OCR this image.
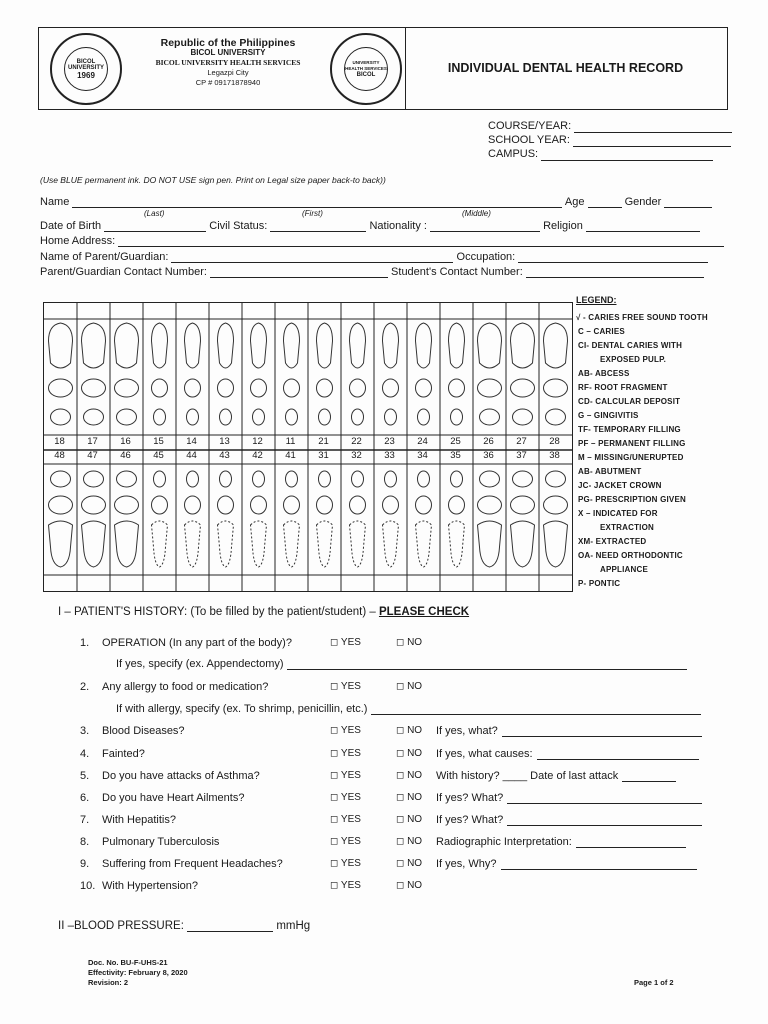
BICOL UNIVERSITY
1969
Republic of the Philippines
BICOL UNIVERSITY
BICOL UNIVERSITY HEALTH SERVICES
Legazpi City
CP # 09171878940
UNIVERSITY HEALTH SERVICES
BICOL	INDIVIDUAL DENTAL HEALTH RECORD
COURSE/YEAR:
SCHOOL YEAR:
CAMPUS:
(Use BLUE permanent ink. DO NOT USE sign pen. Print on Legal size paper back-to back))
Name	Age	Gender
(Last)	(First)	(Middle)
Date of Birth	Civil Status:	Nationality :	Religion
Home Address:
Name of Parent/Guardian:	Occupation:
Parent/Guardian Contact Number:	Student's Contact Number:
18	17	16	15	14	13	12	11	21	22	23	24	25	26	27	28
48	47	46	45	44	43	42	41	31	32	33	34	35	36	37	38
LEGEND:
√ - CARIES FREE SOUND TOOTH
C – CARIES
CI- DENTAL CARIES WITH
EXPOSED PULP.
AB- ABCESS
RF- ROOT FRAGMENT
CD- CALCULAR DEPOSIT
G – GINGIVITIS
TF- TEMPORARY FILLING
PF – PERMANENT FILLING
M – MISSING/UNERUPTED
AB- ABUTMENT
JC- JACKET CROWN
PG- PRESCRIPTION GIVEN
X – INDICATED FOR
EXTRACTION
XM- EXTRACTED
OA- NEED ORTHODONTIC
APPLIANCE
P- PONTIC
I – PATIENT'S HISTORY: (To be filled by the patient/student) – PLEASE CHECK
1. OPERATION (In any part of the body)?	◻ YES	◻ NO
2. Any allergy to food or medication?	◻ YES	◻ NO
3. Blood Diseases?	◻ YES	◻ NO If yes, what?
4. Fainted?	◻ YES	◻ NO If yes, what causes:
5. Do you have attacks of Asthma?	◻ YES	◻ NO With history? ____ Date of last attack
6. Do you have Heart Ailments?	◻ YES	◻ NO If yes? What?
7. With Hepatitis?	◻ YES	◻ NO If yes? What?
8. Pulmonary Tuberculosis	◻ YES	◻ NO Radiographic Interpretation:
9. Suffering from Frequent Headaches?	◻ YES	◻ NO If yes, Why?
10. With Hypertension?	◻ YES	◻ NO
If yes, specify (ex. Appendectomy)
If with allergy, specify (ex. To shrimp, penicillin, etc.)
II –BLOOD PRESSURE:	mmHg
Doc. No. BU-F-UHS-21
Effectivity: February 8, 2020
Revision: 2	Page 1 of 2
